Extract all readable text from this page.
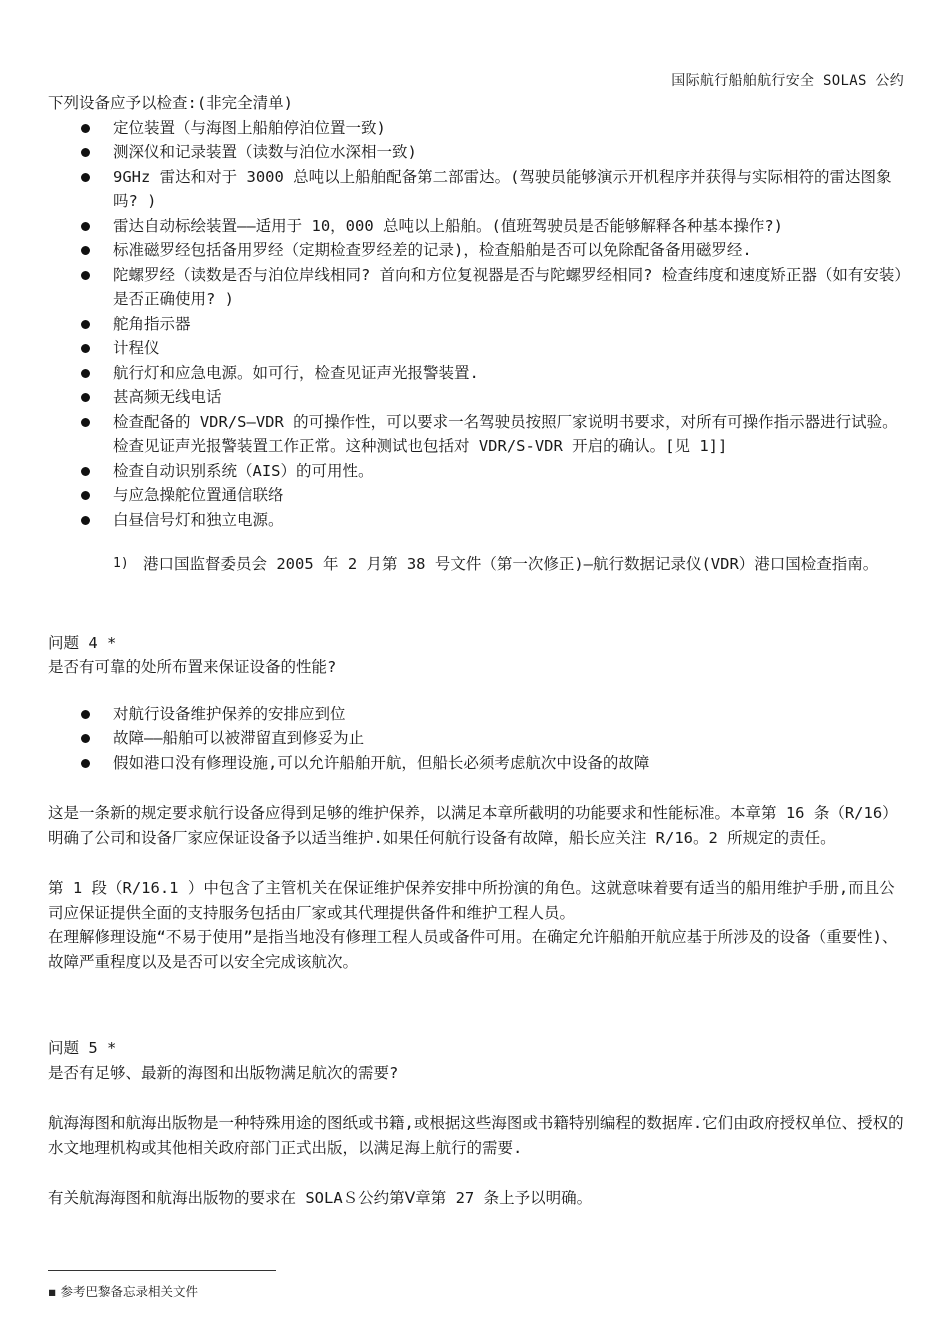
国际航行船舶航行安全 SOLAS 公约

下列设备应予以检查:(非完全清单)

定位装置（与海图上船舶停泊位置一致)
测深仪和记录装置（读数与泊位水深相一致)
9GHz 雷达和对于 3000 总吨以上船舶配备第二部雷达。(驾驶员能够演示开机程序并获得与实际相符的雷达图象吗? )
雷达自动标绘装置——适用于 10，000 总吨以上船舶。(值班驾驶员是否能够解释各种基本操作?)
标准磁罗经包括备用罗经（定期检查罗经差的记录)，检查船舶是否可以免除配备备用磁罗经.
陀螺罗经（读数是否与泊位岸线相同? 首向和方位复视器是否与陀螺罗经相同? 检查纬度和速度矫正器（如有安装）是否正确使用? )
舵角指示器
计程仪
航行灯和应急电源。如可行，检查见证声光报警装置.
甚高频无线电话
检查配备的 VDR/S—VDR 的可操作性，可以要求一名驾驶员按照厂家说明书要求，对所有可操作指示器进行试验。检查见证声光报警装置工作正常。这种测试也包括对 VDR/S-VDR 开启的确认。[见 1]]
检查自动识别系统（AIS）的可用性。
与应急操舵位置通信联络
白昼信号灯和独立电源。
1) 港口国监督委员会 2005 年 2 月第 38 号文件（第一次修正)—航行数据记录仪(VDR）港口国检查指南。

问题 4 *

是否有可靠的处所布置来保证设备的性能?

对航行设备维护保养的安排应到位
故障——船舶可以被滞留直到修妥为止
假如港口没有修理设施,可以允许船舶开航，但船长必须考虑航次中设备的故障

这是一条新的规定要求航行设备应得到足够的维护保养，以满足本章所截明的功能要求和性能标准。本章第 16 条（R/16）明确了公司和设备厂家应保证设备予以适当维护.如果任何航行设备有故障，船长应关注 R/16。2 所规定的责任。

第 1 段（R/16.1 ）中包含了主管机关在保证维护保养安排中所扮演的角色。这就意味着要有适当的船用维护手册,而且公司应保证提供全面的支持服务包括由厂家或其代理提供备件和维护工程人员。

在理解修理设施“不易于使用”是指当地没有修理工程人员或备件可用。在确定允许船舶开航应基于所涉及的设备（重要性)、故障严重程度以及是否可以安全完成该航次。

问题 5 *

是否有足够、最新的海图和出版物满足航次的需要?

航海海图和航海出版物是一种特殊用途的图纸或书籍,或根据这些海图或书籍特别编程的数据库.它们由政府授权单位、授权的水文地理机构或其他相关政府部门正式出版，以满足海上航行的需要.

有关航海海图和航海出版物的要求在 SOLAＳ公约第Ⅴ章第 27 条上予以明确。

▪ 参考巴黎备忘录相关文件
